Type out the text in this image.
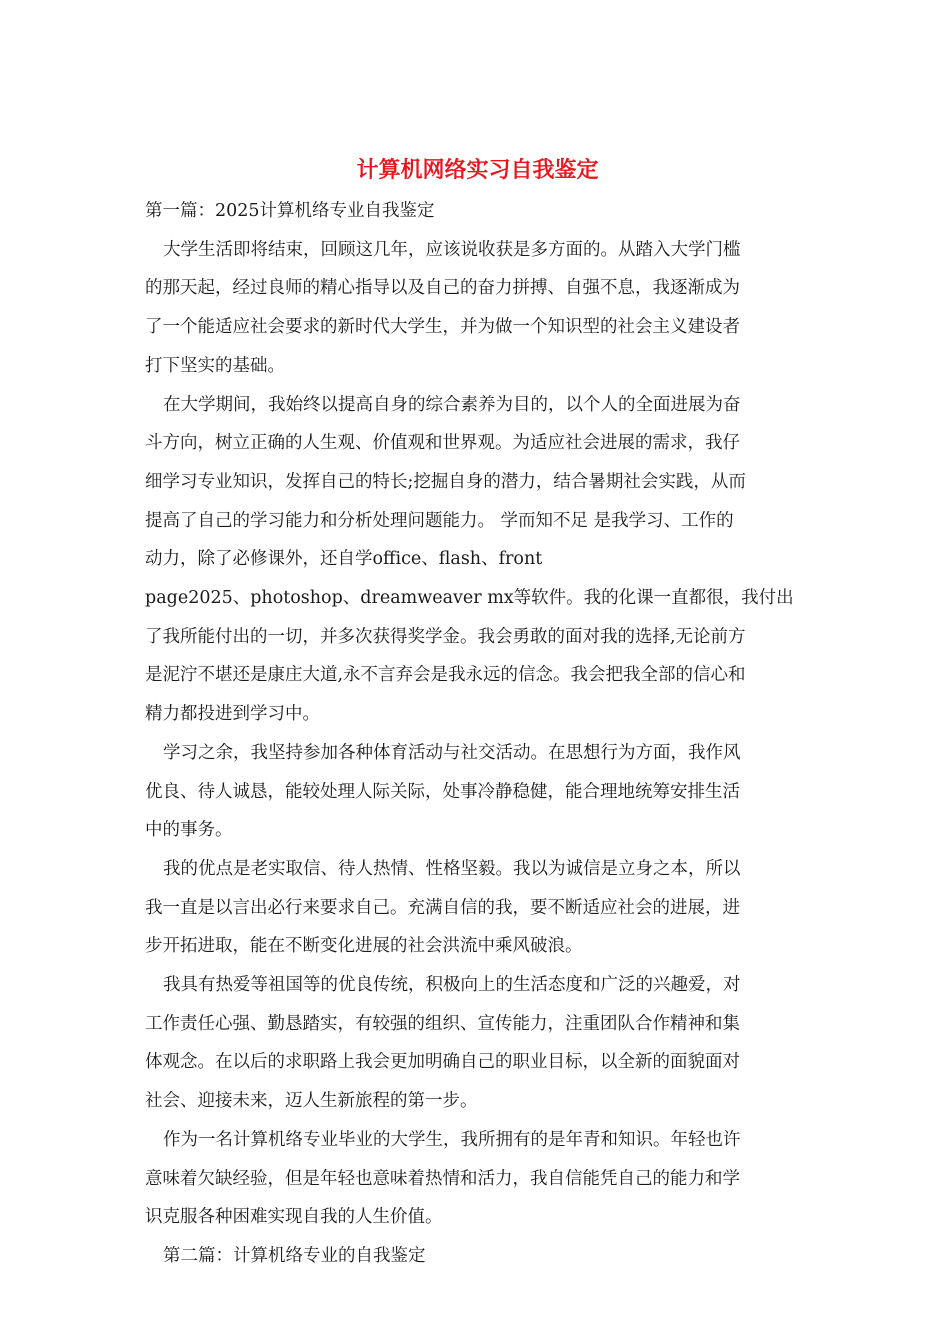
计算机网络实习自我鉴定
第一篇：2025计算机络专业自我鉴定
大学生活即将结束，回顾这几年，应该说收获是多方面的。从踏入大学门槛
的那天起，经过良师的精心指导以及自己的奋力拼搏、自强不息，我逐渐成为
了一个能适应社会要求的新时代大学生，并为做一个知识型的社会主义建设者
打下坚实的基础。
在大学期间，我始终以提高自身的综合素养为目的，以个人的全面进展为奋
斗方向，树立正确的人生观、价值观和世界观。为适应社会进展的需求，我仔
细学习专业知识，发挥自己的特长;挖掘自身的潜力，结合暑期社会实践，从而
提高了自己的学习能力和分析处理问题能力。 学而知不足 是我学习、工作的
动力，除了必修课外，还自学office、flash、front
page2025、photoshop、dreamweaver mx等软件。我的化课一直都很，我付出
了我所能付出的一切，并多次获得奖学金。我会勇敢的面对我的选择,无论前方
是泥泞不堪还是康庄大道,永不言弃会是我永远的信念。我会把我全部的信心和
精力都投进到学习中。
学习之余，我坚持参加各种体育活动与社交活动。在思想行为方面，我作风
优良、待人诚恳，能较处理人际关际，处事冷静稳健，能合理地统筹安排生活
中的事务。
我的优点是老实取信、待人热情、性格坚毅。我以为诚信是立身之本，所以
我一直是以言出必行来要求自己。充满自信的我，要不断适应社会的进展，进
步开拓进取，能在不断变化进展的社会洪流中乘风破浪。
我具有热爱等祖国等的优良传统，积极向上的生活态度和广泛的兴趣爱，对
工作责任心强、勤恳踏实，有较强的组织、宣传能力，注重团队合作精神和集
体观念。在以后的求职路上我会更加明确自己的职业目标，以全新的面貌面对
社会、迎接未来，迈人生新旅程的第一步。
作为一名计算机络专业毕业的大学生，我所拥有的是年青和知识。年轻也许
意味着欠缺经验，但是年轻也意味着热情和活力，我自信能凭自己的能力和学
识克服各种困难实现自我的人生价值。
第二篇：计算机络专业的自我鉴定
